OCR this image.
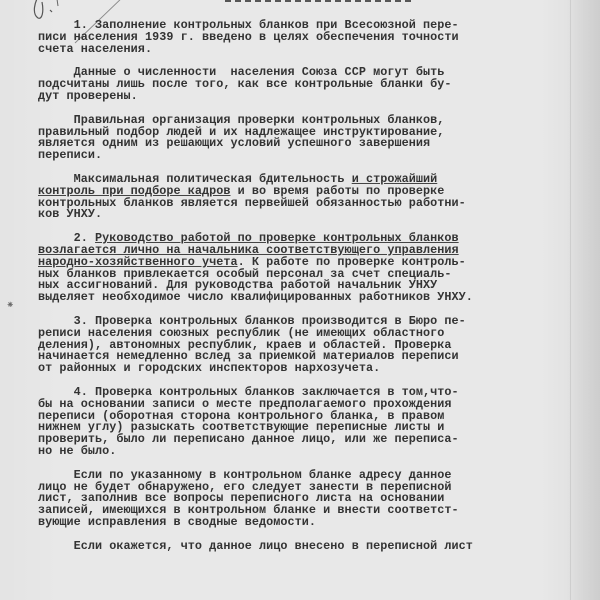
1. Заполнение контрольных бланков при Всесоюзной пере-
писи населения 1939 г. введено в целях обеспечения точности
счета населения.
Данные о численности  населения Союза ССР могут быть
подсчитаны лишь после того, как все контрольные бланки бу-
дут проверены.
Правильная организация проверки контрольных бланков,
правильный подбор людей и их надлежащее инструктирование,
является одним из решающих условий успешного завершения
переписи.
Максимальная политическая бдительность и строжайший
контроль при подборе кадров и во время работы по проверке
контрольных бланков является первейшей обязанностью работни-
ков УНХУ.
2. Руководство работой по проверке контрольных бланков
возлагается лично на начальника соответствующего управления
народно-хозяйственного учета. К работе по проверке контроль-
ных бланков привлекается особый персонал за счет специаль-
ных ассигнований. Для руководства работой начальник УНХУ
выделяет необходимое число квалифицированных работников УНХУ.
3. Проверка контрольных бланков производится в Бюро пе-
реписи населения союзных республик (не имеющих областного
деления), автономных республик, краев и областей. Проверка
начинается немедленно вслед за приемкой материалов переписи
от районных и городских инспекторов нархозучета.
4. Проверка контрольных бланков заключается в том,что-
бы на основании записи о месте предполагаемого прохождения
переписи (оборотная сторона контрольного бланка, в правом
нижнем углу) разыскать соответствующие переписные листы и
проверить, было ли переписано данное лицо, или же переписа-
но не было.
Если по указанному в контрольном бланке адресу данное
лицо не будет обнаружено, его следует занести в переписной
лист, заполнив все вопросы переписного листа на основании
записей, имеющихся в контрольном бланке и внести соответст-
вующие исправления в сводные ведомости.
Если окажется, что данное лицо внесено в переписной лист
⁕
